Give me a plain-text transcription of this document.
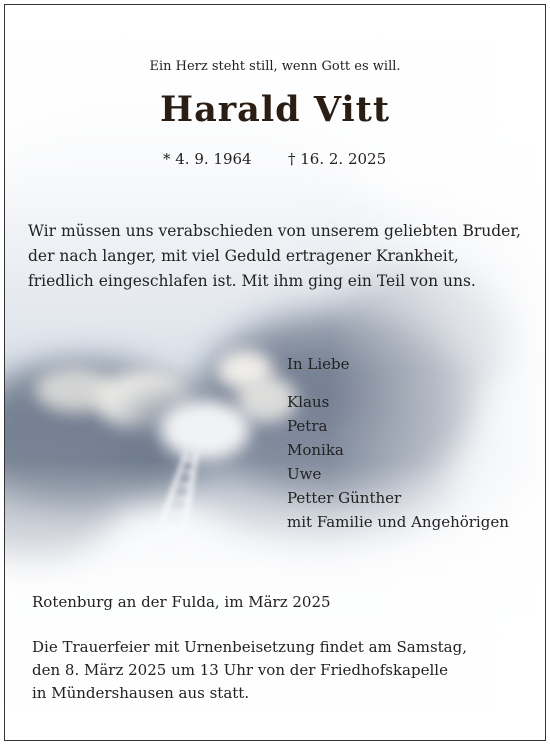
Ein Herz steht still, wenn Gott es will.
Harald Vitt
* 4. 9. 1964 † 16. 2. 2025
Wir müssen uns verabschieden von unserem geliebten Bruder,
der nach langer, mit viel Geduld ertragener Krankheit,
friedlich eingeschlafen ist. Mit ihm ging ein Teil von uns.
In Liebe
Klaus
Petra
Monika
Uwe
Petter Günther
mit Familie und Angehörigen
Rotenburg an der Fulda, im März 2025
Die Trauerfeier mit Urnenbeisetzung findet am Samstag,
den 8. März 2025 um 13 Uhr von der Friedhofskapelle
in Mündershausen aus statt.
